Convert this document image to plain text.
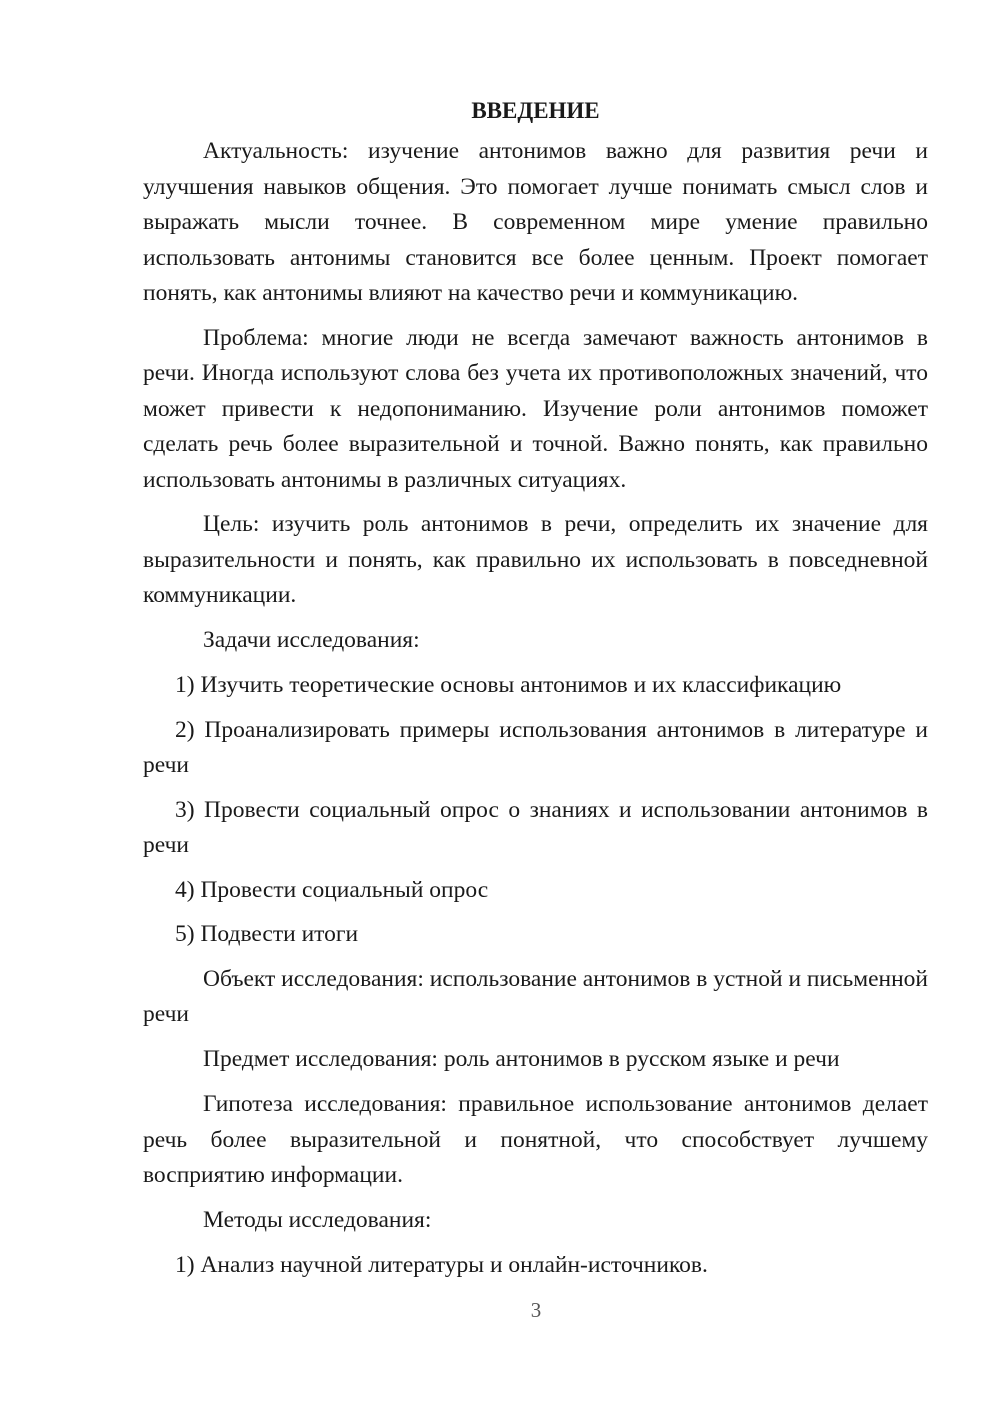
ВВЕДЕНИЕ

Актуальность: изучение антонимов важно для развития речи и улучшения навыков общения. Это помогает лучше понимать смысл слов и выражать мысли точнее. В современном мире умение правильно использовать антонимы становится все более ценным. Проект помогает понять, как антонимы влияют на качество речи и коммуникацию.

Проблема: многие люди не всегда замечают важность антонимов в речи. Иногда используют слова без учета их противоположных значений, что может привести к недопониманию. Изучение роли антонимов поможет сделать речь более выразительной и точной. Важно понять, как правильно использовать антонимы в различных ситуациях.

Цель: изучить роль антонимов в речи, определить их значение для выразительности и понять, как правильно их использовать в повседневной коммуникации.

Задачи исследования:

1) Изучить теоретические основы антонимов и их классификацию

2) Проанализировать примеры использования антонимов в литературе и речи

3) Провести социальный опрос о знаниях и использовании антонимов в речи

4) Провести социальный опрос

5) Подвести итоги

Объект исследования: использование антонимов в устной и письменной речи

Предмет исследования: роль антонимов в русском языке и речи

Гипотеза исследования: правильное использование антонимов делает речь более выразительной и понятной, что способствует лучшему восприятию информации.

Методы исследования:

1) Анализ научной литературы и онлайн-источников.

3
